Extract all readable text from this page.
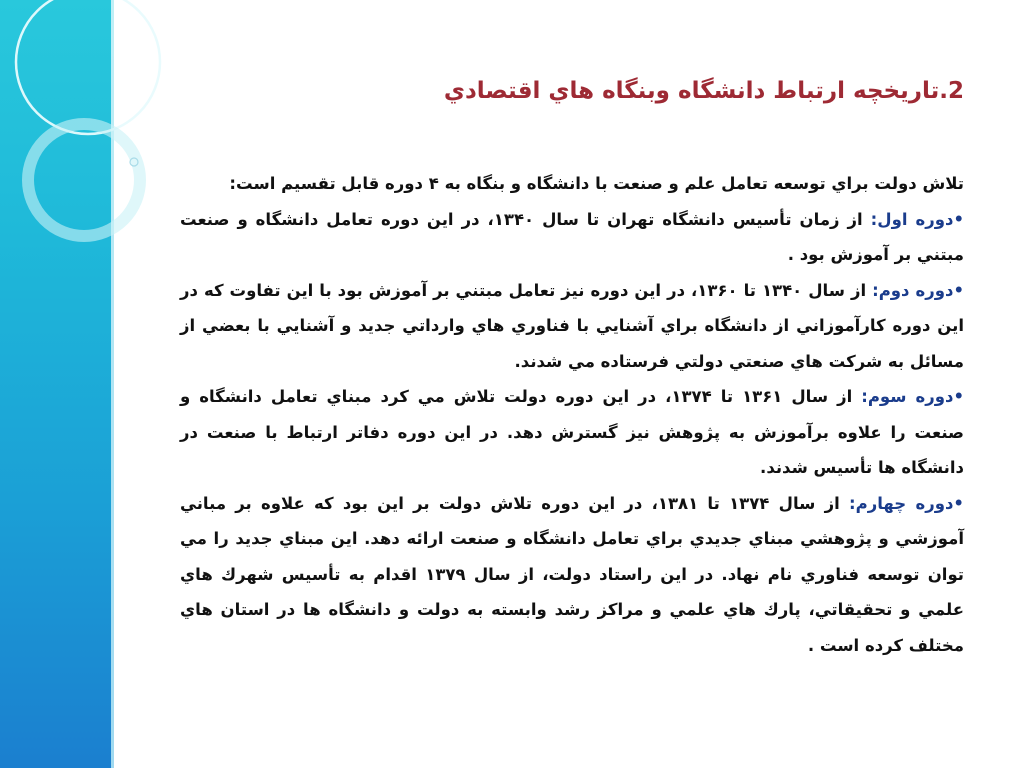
2.تاريخچه ارتباط دانشگاه وبنگاه هاي اقتصادي

تلاش دولت براي توسعه تعامل علم و صنعت با دانشگاه و بنگاه به ۴ دوره قابل تقسيم است:

•دوره اول: از زمان تأسيس دانشگاه تهران تا سال ۱۳۴۰، در اين دوره تعامل دانشگاه و صنعت مبتني بر آموزش بود .

•دوره دوم: از سال ۱۳۴۰ تا ۱۳۶۰، در اين دوره نيز تعامل مبتني بر آموزش بود با اين تفاوت كه در اين دوره كارآموزاني از دانشگاه براي آشنايي با فناوري هاي وارداتي جديد و آشنايي با بعضي از مسائل به شركت هاي صنعتي دولتي فرستاده مي شدند.

•دوره سوم: از سال ۱۳۶۱ تا ۱۳۷۴، در اين دوره دولت تلاش مي كرد مبناي تعامل دانشگاه و صنعت را علاوه برآموزش به پژوهش نيز گسترش دهد. در اين دوره دفاتر ارتباط با صنعت در دانشگاه ها تأسيس شدند.

•دوره چهارم: از سال ۱۳۷۴ تا ۱۳۸۱، در اين دوره تلاش دولت بر اين بود كه علاوه بر مباني آموزشي و پژوهشي مبناي جديدي براي تعامل دانشگاه و صنعت ارائه دهد. اين مبناي جديد را مي توان توسعه فناوري نام نهاد. در اين راستاد دولت، از سال ۱۳۷۹ اقدام به تأسيس شهرك هاي علمي و تحقيقاتي، پارك هاي علمي و مراكز رشد وابسته به دولت و دانشگاه ها در استان هاي مختلف كرده است .
